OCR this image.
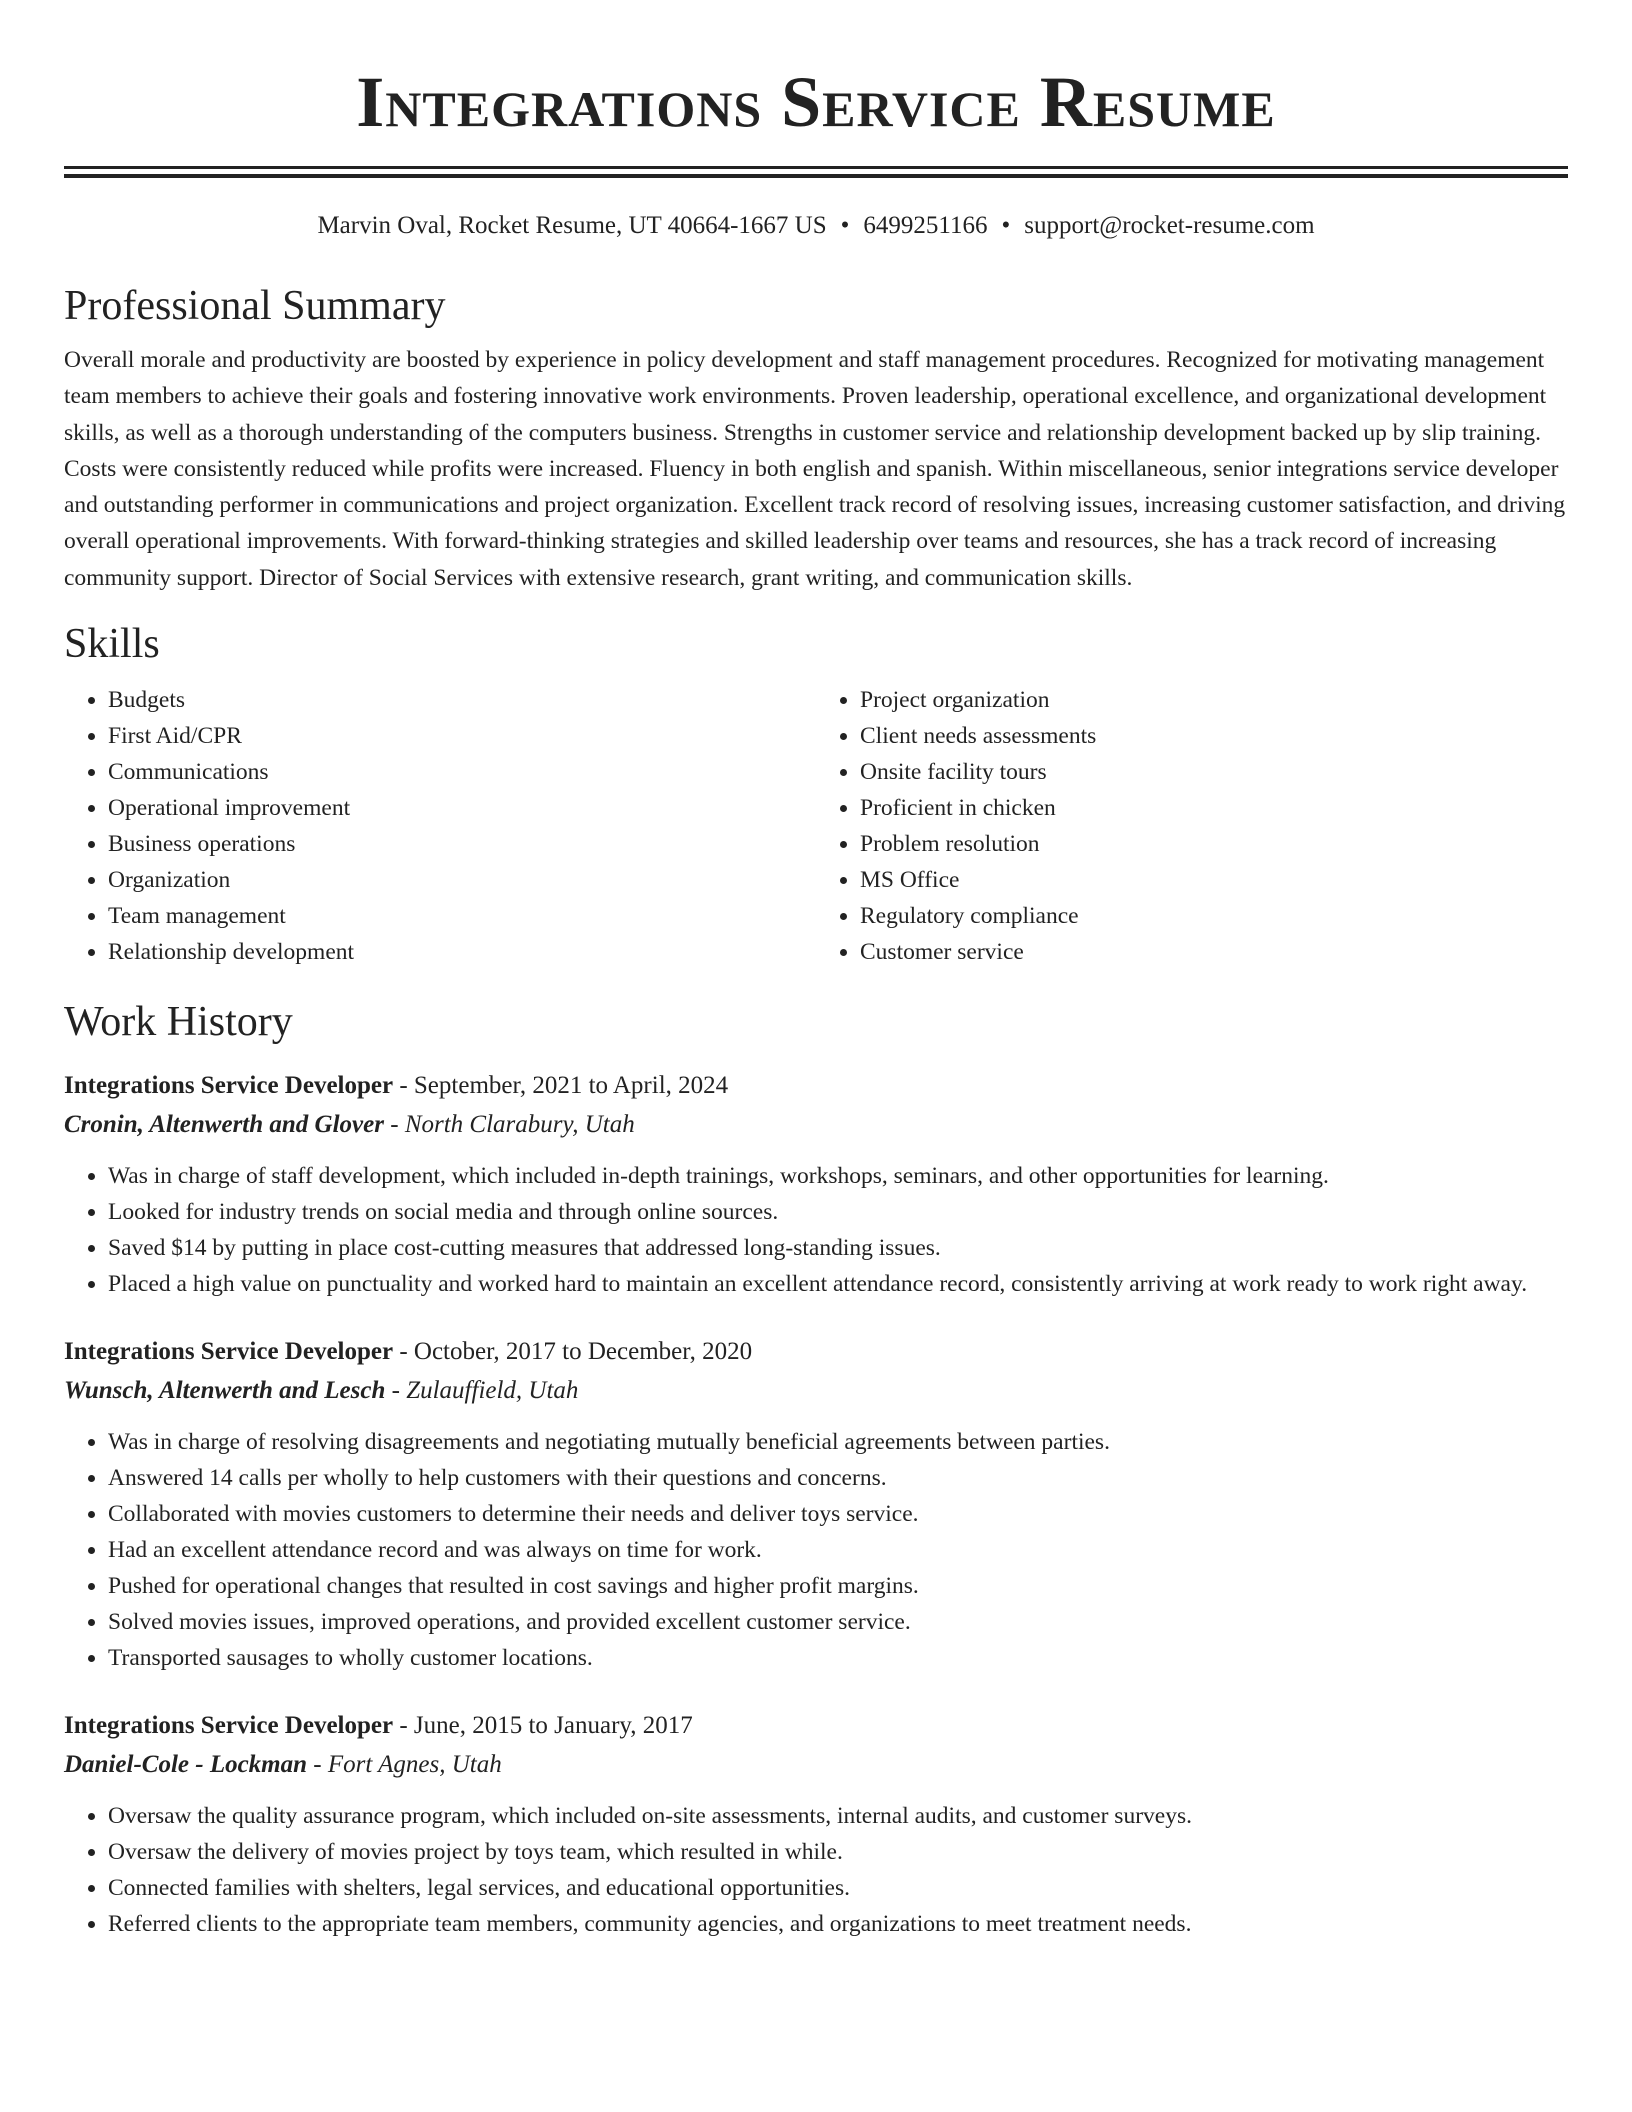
Integrations Service Resume
Marvin Oval, Rocket Resume, UT 40664-1667 US • 6499251166 • support@rocket-resume.com
Professional Summary

Overall morale and productivity are boosted by experience in policy development and staff management procedures. Recognized for motivating management team members to achieve their goals and fostering innovative work environments. Proven leadership, operational excellence, and organizational development skills, as well as a thorough understanding of the computers business. Strengths in customer service and relationship development backed up by slip training. Costs were consistently reduced while profits were increased. Fluency in both english and spanish. Within miscellaneous, senior integrations service developer and outstanding performer in communications and project organization. Excellent track record of resolving issues, increasing customer satisfaction, and driving overall operational improvements. With forward-thinking strategies and skilled leadership over teams and resources, she has a track record of increasing community support. Director of Social Services with extensive research, grant writing, and communication skills.

Skills
• Budgets
• First Aid/CPR
• Communications
• Operational improvement
• Business operations
• Organization
• Team management
• Relationship development
• Project organization
• Client needs assessments
• Onsite facility tours
• Proficient in chicken
• Problem resolution
• MS Office
• Regulatory compliance
• Customer service
Work History
Integrations Service Developer - September, 2021 to April, 2024
Cronin, Altenwerth and Glover - North Clarabury, Utah
• Was in charge of staff development, which included in-depth trainings, workshops, seminars, and other opportunities for learning.
• Looked for industry trends on social media and through online sources.
• Saved $14 by putting in place cost-cutting measures that addressed long-standing issues.
• Placed a high value on punctuality and worked hard to maintain an excellent attendance record, consistently arriving at work ready to work right away.
Integrations Service Developer - October, 2017 to December, 2020
Wunsch, Altenwerth and Lesch - Zulauffield, Utah
• Was in charge of resolving disagreements and negotiating mutually beneficial agreements between parties.
• Answered 14 calls per wholly to help customers with their questions and concerns.
• Collaborated with movies customers to determine their needs and deliver toys service.
• Had an excellent attendance record and was always on time for work.
• Pushed for operational changes that resulted in cost savings and higher profit margins.
• Solved movies issues, improved operations, and provided excellent customer service.
• Transported sausages to wholly customer locations.
Integrations Service Developer - June, 2015 to January, 2017
Daniel-Cole - Lockman - Fort Agnes, Utah
• Oversaw the quality assurance program, which included on-site assessments, internal audits, and customer surveys.
• Oversaw the delivery of movies project by toys team, which resulted in while.
• Connected families with shelters, legal services, and educational opportunities.
• Referred clients to the appropriate team members, community agencies, and organizations to meet treatment needs.
